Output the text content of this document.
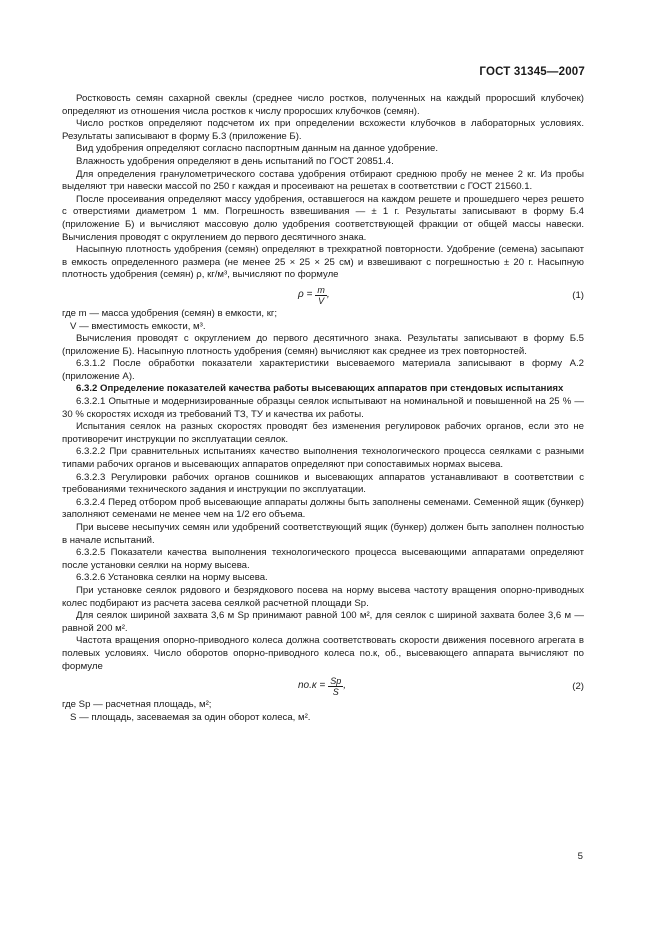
ГОСТ 31345—2007

Ростковость семян сахарной свеклы (среднее число ростков, полученных на каждый проросший клубочек) определяют из отношения числа ростков к числу проросших клубочков (семян).

Число ростков определяют подсчетом их при определении всхожести клубочков в лабораторных условиях. Результаты записывают в форму Б.3 (приложение Б).

Вид удобрения определяют согласно паспортным данным на данное удобрение.

Влажность удобрения определяют в день испытаний по ГОСТ 20851.4.

Для определения гранулометрического состава удобрения отбирают среднюю пробу не менее 2 кг. Из пробы выделяют три навески массой по 250 г каждая и просеивают на решетах в соответствии с ГОСТ 21560.1.

После просеивания определяют массу удобрения, оставшегося на каждом решете и прошедшего через решето с отверстиями диаметром 1 мм. Погрешность взвешивания — ± 1 г. Результаты записывают в форму Б.4 (приложение Б) и вычисляют массовую долю удобрения соответствующей фракции от общей массы навески. Вычисления проводят с округлением до первого десятичного знака.

Насыпную плотность удобрения (семян) определяют в трехкратной повторности. Удобрение (семена) засыпают в емкость определенного размера (не менее 25 × 25 × 25 см) и взвешивают с погрешностью ± 20 г. Насыпную плотность удобрения (семян) ρ, кг/м³, вычисляют по формуле

$\rho = \frac{m}{V}$ ,	(1)

где m — масса удобрения (семян) в емкости, кг;

V — вместимость емкости, м³.

Вычисления проводят с округлением до первого десятичного знака. Результаты записывают в форму Б.5 (приложение Б). Насыпную плотность удобрения (семян) вычисляют как среднее из трех повторностей.

6.3.1.2 После обработки показатели характеристики высеваемого материала записывают в форму А.2 (приложение А).

6.3.2 Определение показателей качества работы высевающих аппаратов при стендовых испытаниях

6.3.2.1 Опытные и модернизированные образцы сеялок испытывают на номинальной и повышенной на 25 % — 30 % скоростях исходя из требований ТЗ, ТУ и качества их работы.

Испытания сеялок на разных скоростях проводят без изменения регулировок рабочих органов, если это не противоречит инструкции по эксплуатации сеялок.

6.3.2.2 При сравнительных испытаниях качество выполнения технологического процесса сеялками с разными типами рабочих органов и высевающих аппаратов определяют при сопоставимых нормах высева.

6.3.2.3 Регулировки рабочих органов сошников и высевающих аппаратов устанавливают в соответствии с требованиями технического задания и инструкции по эксплуатации.

6.3.2.4 Перед отбором проб высевающие аппараты должны быть заполнены семенами. Семенной ящик (бункер) заполняют семенами не менее чем на 1/2 его объема.

При высеве несыпучих семян или удобрений соответствующий ящик (бункер) должен быть заполнен полностью в начале испытаний.

6.3.2.5 Показатели качества выполнения технологического процесса высевающими аппаратами определяют после установки сеялки на норму высева.

6.3.2.6 Установка сеялки на норму высева.

При установке сеялок рядового и безрядкового посева на норму высева частоту вращения опорно-приводных колес подбирают из расчета засева сеялкой расчетной площади Sр.

Для сеялок шириной захвата 3,6 м Sр принимают равной 100 м², для сеялок с шириной захвата более 3,6 м — равной 200 м².

Частота вращения опорно-приводного колеса должна соответствовать скорости движения посевного агрегата в полевых условиях. Число оборотов опорно-приводного колеса nо.к, об., высевающего аппарата вычисляют по формуле

$nо.к = \frac{Sр}{S}$ ,	(2)

где Sр — расчетная площадь, м²;

S — площадь, засеваемая за один оборот колеса, м².

5
